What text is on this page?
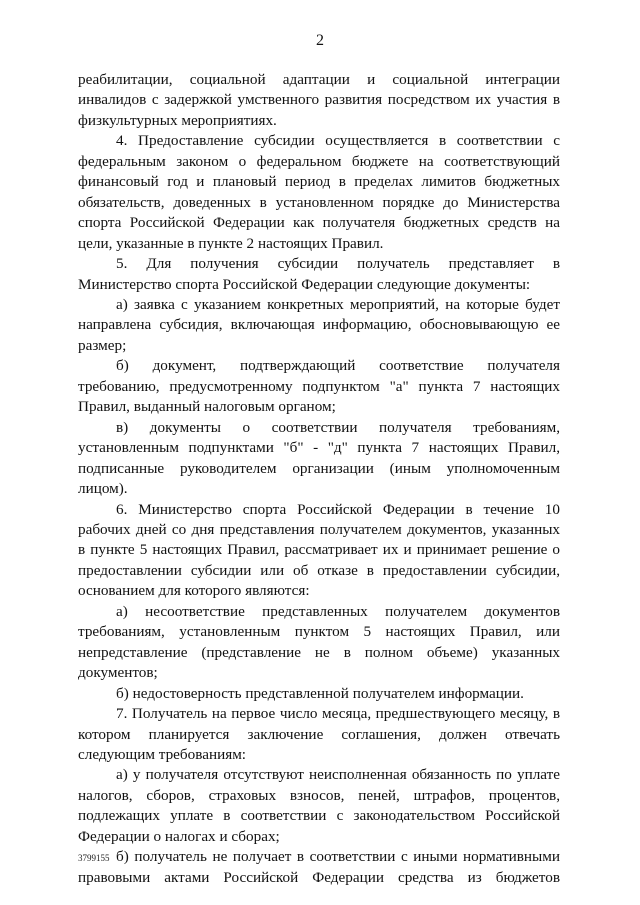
2

реабилитации, социальной адаптации и социальной интеграции инвалидов с задержкой умственного развития посредством их участия в физкультурных мероприятиях.

4. Предоставление субсидии осуществляется в соответствии с федеральным законом о федеральном бюджете на соответствующий финансовый год и плановый период в пределах лимитов бюджетных обязательств, доведенных в установленном порядке до Министерства спорта Российской Федерации как получателя бюджетных средств на цели, указанные в пункте 2 настоящих Правил.

5. Для получения субсидии получатель представляет в Министерство спорта Российской Федерации следующие документы:

а) заявка с указанием конкретных мероприятий, на которые будет направлена субсидия, включающая информацию, обосновывающую ее размер;

б) документ, подтверждающий соответствие получателя требованию, предусмотренному подпунктом "а" пункта 7 настоящих Правил, выданный налоговым органом;

в) документы о соответствии получателя требованиям, установленным подпунктами "б" - "д" пункта 7 настоящих Правил, подписанные руководителем организации (иным уполномоченным лицом).

6. Министерство спорта Российской Федерации в течение 10 рабочих дней со дня представления получателем документов, указанных в пункте 5 настоящих Правил, рассматривает их и принимает решение о предоставлении субсидии или об отказе в предоставлении субсидии, основанием для которого являются:

а) несоответствие представленных получателем документов требованиям, установленным пунктом 5 настоящих Правил, или непредставление (представление не в полном объеме) указанных документов;

б) недостоверность представленной получателем информации.

7. Получатель на первое число месяца, предшествующего месяцу, в котором планируется заключение соглашения, должен отвечать следующим требованиям:

а) у получателя отсутствуют неисполненная обязанность по уплате налогов, сборов, страховых взносов, пеней, штрафов, процентов, подлежащих уплате в соответствии с законодательством Российской Федерации о налогах и сборах;

б) получатель не получает в соответствии с иными нормативными правовыми актами Российской Федерации средства из бюджетов

3799155
